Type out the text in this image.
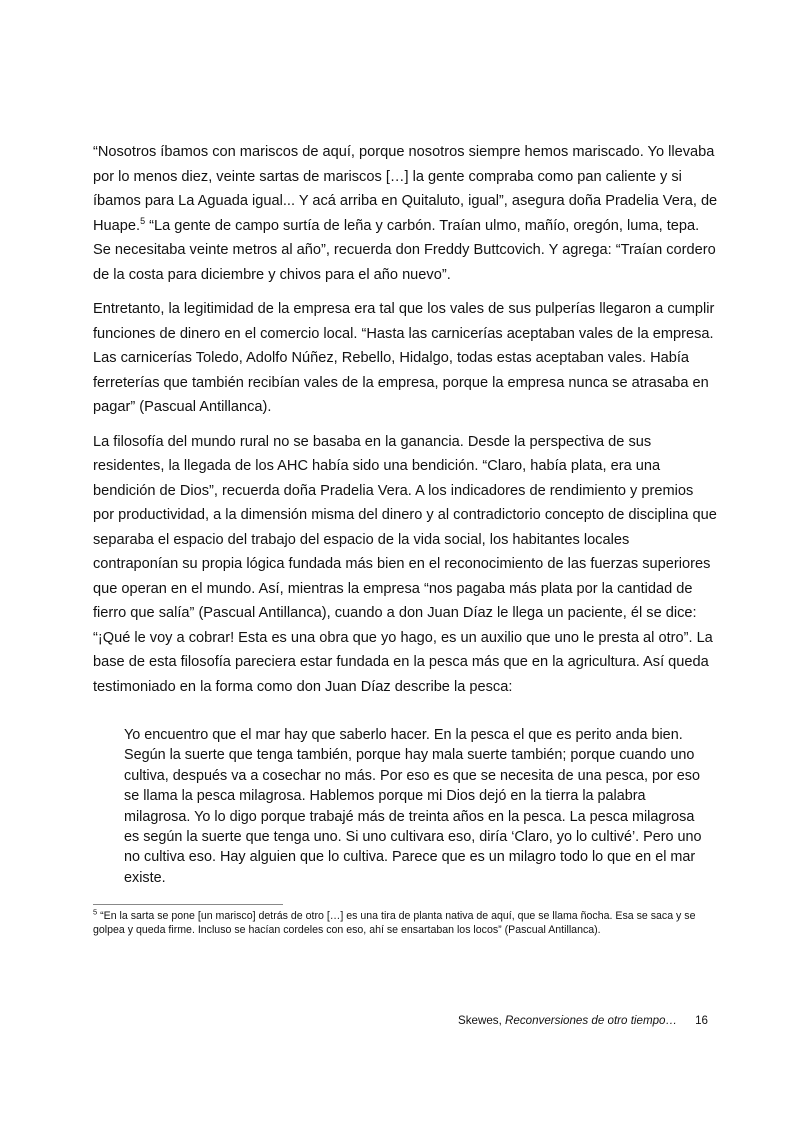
“Nosotros íbamos con mariscos de aquí, porque nosotros siempre hemos mariscado. Yo llevaba por lo menos diez, veinte sartas de mariscos […] la gente compraba como pan caliente y si íbamos para La Aguada igual... Y acá arriba en Quitaluto, igual”, asegura doña Pradelia Vera, de Huape.$^5$ “La gente de campo surtía de leña y carbón. Traían ulmo, mañío, oregón, luma, tepa. Se necesitaba veinte metros al año”, recuerda don Freddy Buttcovich. Y agrega: “Traían cordero de la costa para diciembre y chivos para el año nuevo”.

Entretanto, la legitimidad de la empresa era tal que los vales de sus pulperías llegaron a cumplir funciones de dinero en el comercio local. “Hasta las carnicerías aceptaban vales de la empresa. Las carnicerías Toledo, Adolfo Núñez, Rebello, Hidalgo, todas estas aceptaban vales. Había ferreterías que también recibían vales de la empresa, porque la empresa nunca se atrasaba en pagar” (Pascual Antillanca).

La filosofía del mundo rural no se basaba en la ganancia. Desde la perspectiva de sus residentes, la llegada de los AHC había sido una bendición. “Claro, había plata, era una bendición de Dios”, recuerda doña Pradelia Vera. A los indicadores de rendimiento y premios por productividad, a la dimensión misma del dinero y al contradictorio concepto de disciplina que separaba el espacio del trabajo del espacio de la vida social, los habitantes locales contraponían su propia lógica fundada más bien en el reconocimiento de las fuerzas superiores que operan en el mundo. Así, mientras la empresa “nos pagaba más plata por la cantidad de fierro que salía” (Pascual Antillanca), cuando a don Juan Díaz le llega un paciente, él se dice: “¡Qué le voy a cobrar! Esta es una obra que yo hago, es un auxilio que uno le presta al otro”. La base de esta filosofía pareciera estar fundada en la pesca más que en la agricultura. Así queda testimoniado en la forma como don Juan Díaz describe la pesca:

Yo encuentro que el mar hay que saberlo hacer. En la pesca el que es perito anda bien. Según la suerte que tenga también, porque hay mala suerte también; porque cuando uno cultiva, después va a cosechar no más. Por eso es que se necesita de una pesca, por eso se llama la pesca milagrosa. Hablemos porque mi Dios dejó en la tierra la palabra milagrosa. Yo lo digo porque trabajé más de treinta años en la pesca. La pesca milagrosa es según la suerte que tenga uno. Si uno cultivara eso, diría ‘Claro, yo lo cultivé’. Pero uno no cultiva eso. Hay alguien que lo cultiva. Parece que es un milagro todo lo que en el mar existe.

$^5$ “En la sarta se pone [un marisco] detrás de otro […] es una tira de planta nativa de aquí, que se llama ñocha. Esa se saca y se golpea y queda firme. Incluso se hacían cordeles con eso, ahí se ensartaban los locos” (Pascual Antillanca).
Skewes, Reconversiones de otro tiempo… 16
